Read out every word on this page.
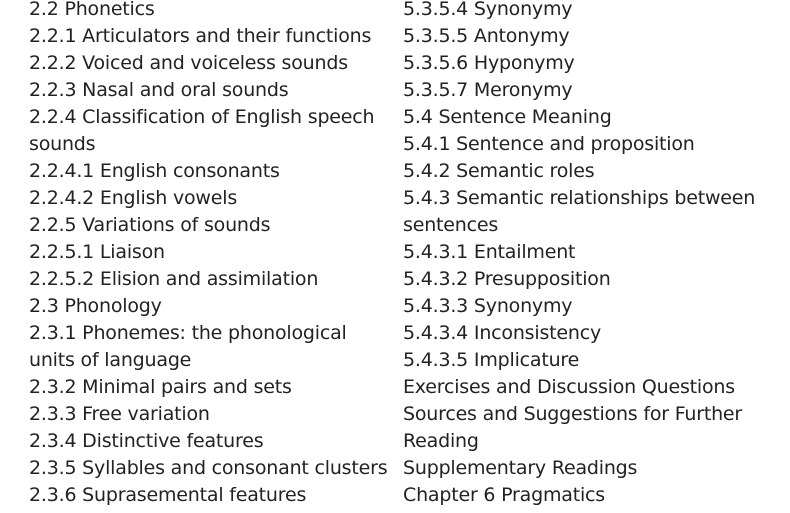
2.2 Phonetics
2.2.1 Articulators and their functions
2.2.2 Voiced and voiceless sounds
2.2.3 Nasal and oral sounds
2.2.4 Classification of English speech sounds
2.2.4.1 English consonants
2.2.4.2 English vowels
2.2.5 Variations of sounds
2.2.5.1 Liaison
2.2.5.2 Elision and assimilation
2.3 Phonology
2.3.1 Phonemes: the phonological units of language
2.3.2 Minimal pairs and sets
2.3.3 Free variation
2.3.4 Distinctive features
2.3.5 Syllables and consonant clusters
2.3.6 Suprasemental features
5.3.5.4 Synonymy
5.3.5.5 Antonymy
5.3.5.6 Hyponymy
5.3.5.7 Meronymy
5.4 Sentence Meaning
5.4.1 Sentence and proposition
5.4.2 Semantic roles
5.4.3 Semantic relationships between sentences
5.4.3.1 Entailment
5.4.3.2 Presupposition
5.4.3.3 Synonymy
5.4.3.4 Inconsistency
5.4.3.5 Implicature
Exercises and Discussion Questions
Sources and Suggestions for Further Reading
Supplementary Readings
Chapter 6 Pragmatics
